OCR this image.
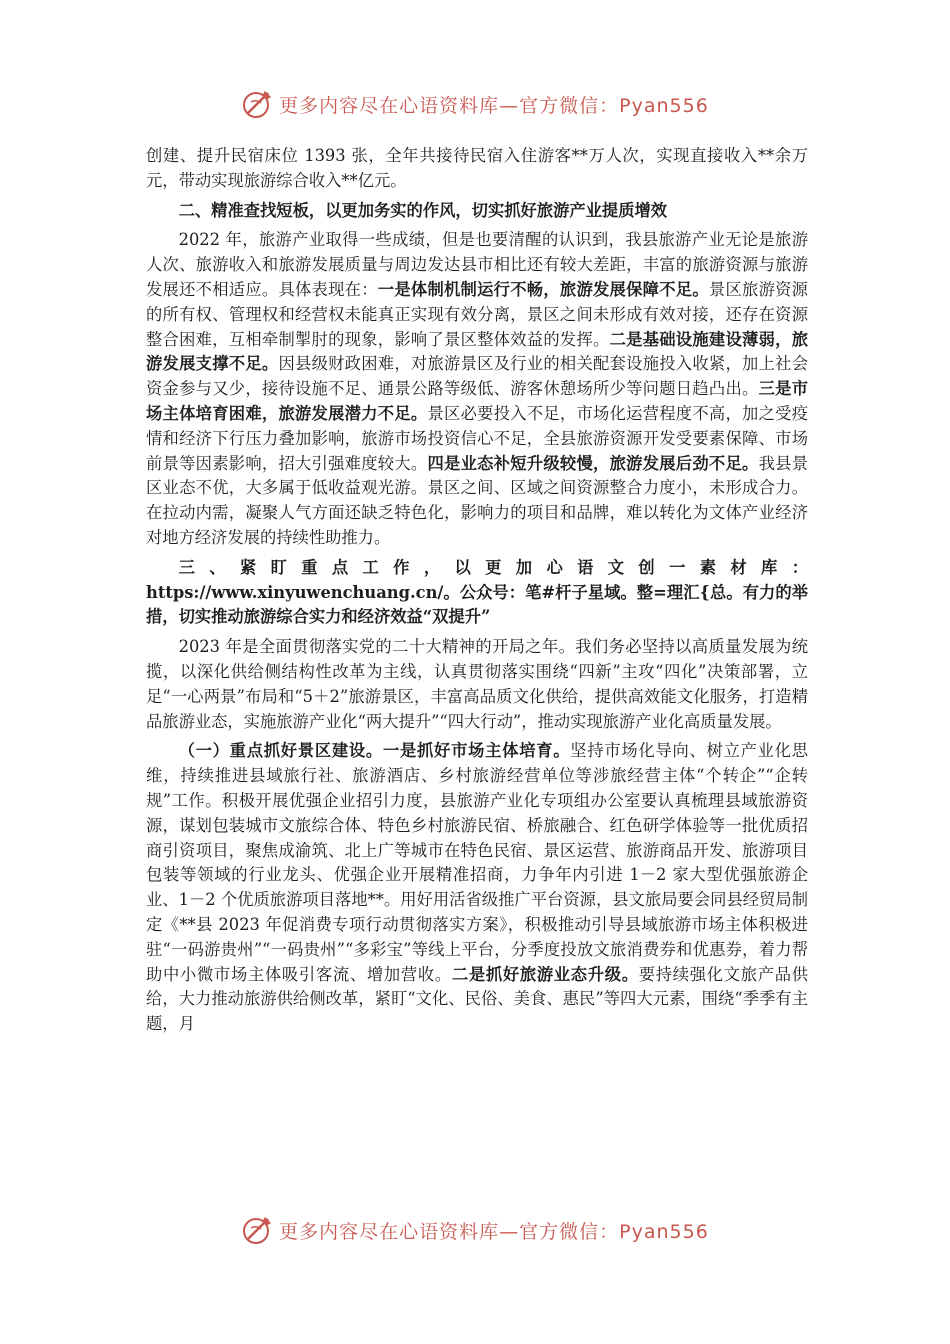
更多内容尽在心语资料库—官方微信：Pyan556

创建、提升民宿床位 1393 张，全年共接待民宿入住游客**万人次，实现直接收入**余万元，带动实现旅游综合收入**亿元。

二、精准查找短板，以更加务实的作风，切实抓好旅游产业提质增效

2022 年，旅游产业取得一些成绩，但是也要清醒的认识到，我县旅游产业无论是旅游人次、旅游收入和旅游发展质量与周边发达县市相比还有较大差距，丰富的旅游资源与旅游发展还不相适应。具体表现在：一是体制机制运行不畅，旅游发展保障不足。景区旅游资源的所有权、管理权和经营权未能真正实现有效分离，景区之间未形成有效对接，还存在资源整合困难，互相牵制掣肘的现象，影响了景区整体效益的发挥。二是基础设施建设薄弱，旅游发展支撑不足。因县级财政困难，对旅游景区及行业的相关配套设施投入收紧，加上社会资金参与又少，接待设施不足、通景公路等级低、游客休憩场所少等问题日趋凸出。三是市场主体培育困难，旅游发展潜力不足。景区必要投入不足，市场化运营程度不高，加之受疫情和经济下行压力叠加影响，旅游市场投资信心不足，全县旅游资源开发受要素保障、市场前景等因素影响，招大引强难度较大。四是业态补短升级较慢，旅游发展后劲不足。我县景区业态不优，大多属于低收益观光游。景区之间、区域之间资源整合力度小，未形成合力。在拉动内需，凝聚人气方面还缺乏特色化，影响力的项目和品牌，难以转化为文体产业经济对地方经济发展的持续性助推力。

三、紧盯重点工作，以更加心语文创一素材库：https://www.xinyuwenchuang.cn/。公众号：笔#杆子星域。整=理汇{总。有力的举措，切实推动旅游综合实力和经济效益“双提升”

2023 年是全面贯彻落实党的二十大精神的开局之年。我们务必坚持以高质量发展为统揽，以深化供给侧结构性改革为主线，认真贯彻落实围绕“四新”主攻“四化”决策部署，立足“一心两景”布局和“5＋2”旅游景区，丰富高品质文化供给，提供高效能文化服务，打造精品旅游业态，实施旅游产业化“两大提升”“四大行动”，推动实现旅游产业化高质量发展。

（一）重点抓好景区建设。一是抓好市场主体培育。坚持市场化导向、树立产业化思维，持续推进县域旅行社、旅游酒店、乡村旅游经营单位等涉旅经营主体“个转企”“企转规”工作。积极开展优强企业招引力度，县旅游产业化专项组办公室要认真梳理县域旅游资源，谋划包装城市文旅综合体、特色乡村旅游民宿、桥旅融合、红色研学体验等一批优质招商引资项目，聚焦成渝筑、北上广等城市在特色民宿、景区运营、旅游商品开发、旅游项目包装等领域的行业龙头、优强企业开展精准招商，力争年内引进 1－2 家大型优强旅游企业、1－2 个优质旅游项目落地**。用好用活省级推广平台资源，县文旅局要会同县经贸局制定《**县 2023 年促消费专项行动贯彻落实方案》，积极推动引导县域旅游市场主体积极进驻“一码游贵州”“一码贵州”“多彩宝”等线上平台，分季度投放文旅消费券和优惠券，着力帮助中小微市场主体吸引客流、增加营收。二是抓好旅游业态升级。要持续强化文旅产品供给，大力推动旅游供给侧改革，紧盯“文化、民俗、美食、惠民”等四大元素，围绕“季季有主题，月

更多内容尽在心语资料库—官方微信：Pyan556
